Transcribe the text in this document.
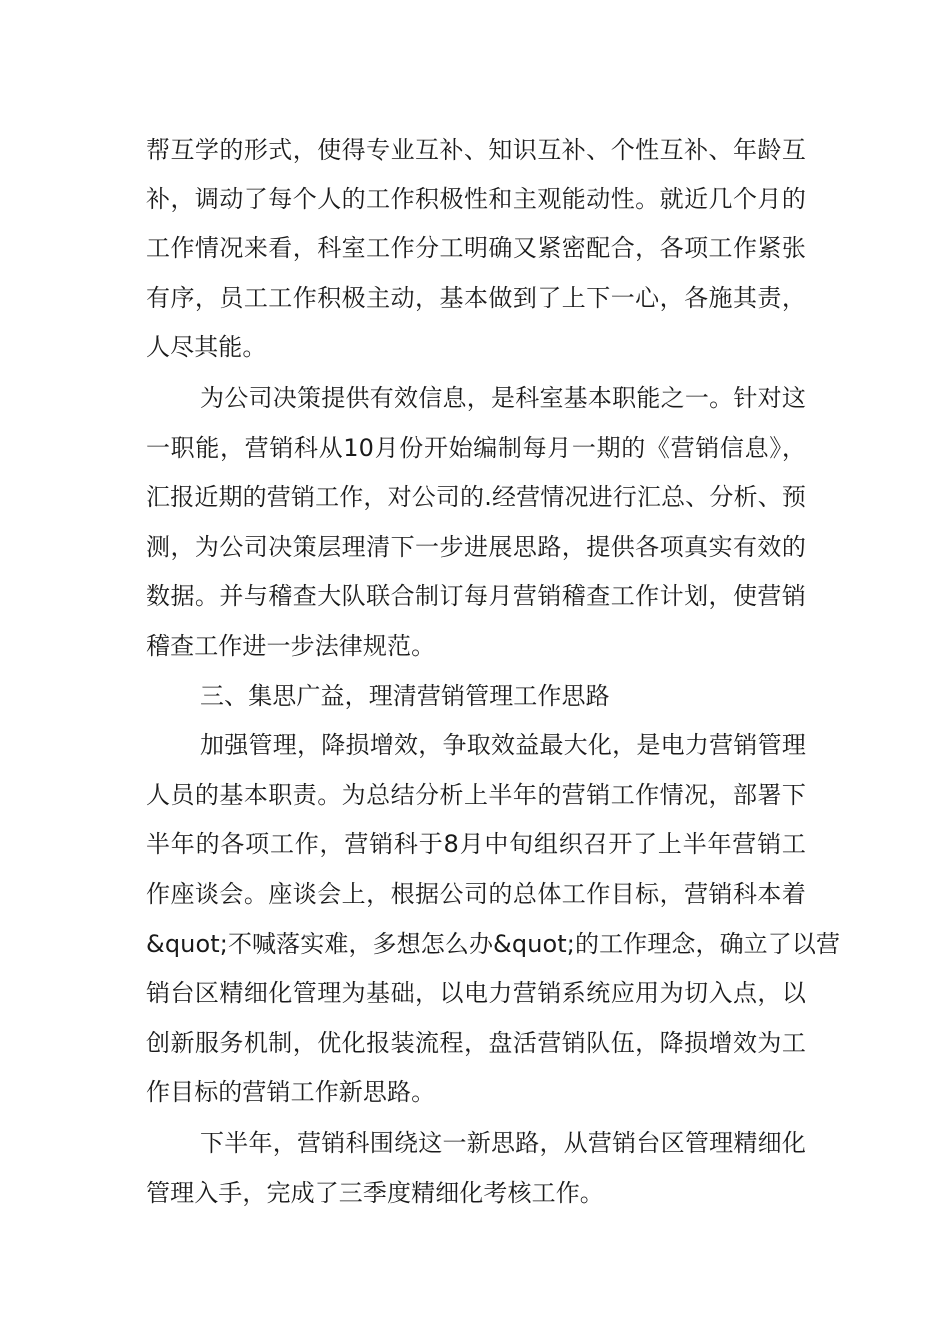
帮互学的形式，使得专业互补、知识互补、个性互补、年龄互
补，调动了每个人的工作积极性和主观能动性。就近几个月的
工作情况来看，科室工作分工明确又紧密配合，各项工作紧张
有序，员工工作积极主动，基本做到了上下一心，各施其责，
人尽其能。
为公司决策提供有效信息，是科室基本职能之一。针对这
一职能，营销科从10月份开始编制每月一期的《营销信息》，
汇报近期的营销工作，对公司的.经营情况进行汇总、分析、预
测，为公司决策层理清下一步进展思路，提供各项真实有效的
数据。并与稽查大队联合制订每月营销稽查工作计划，使营销
稽查工作进一步法律规范。
三、集思广益，理清营销管理工作思路
加强管理，降损增效，争取效益最大化，是电力营销管理
人员的基本职责。为总结分析上半年的营销工作情况，部署下
半年的各项工作，营销科于8月中旬组织召开了上半年营销工
作座谈会。座谈会上，根据公司的总体工作目标，营销科本着
&quot;不喊落实难，多想怎么办&quot;的工作理念，确立了以营
销台区精细化管理为基础，以电力营销系统应用为切入点，以
创新服务机制，优化报装流程，盘活营销队伍，降损增效为工
作目标的营销工作新思路。
下半年，营销科围绕这一新思路，从营销台区管理精细化
管理入手，完成了三季度精细化考核工作。
